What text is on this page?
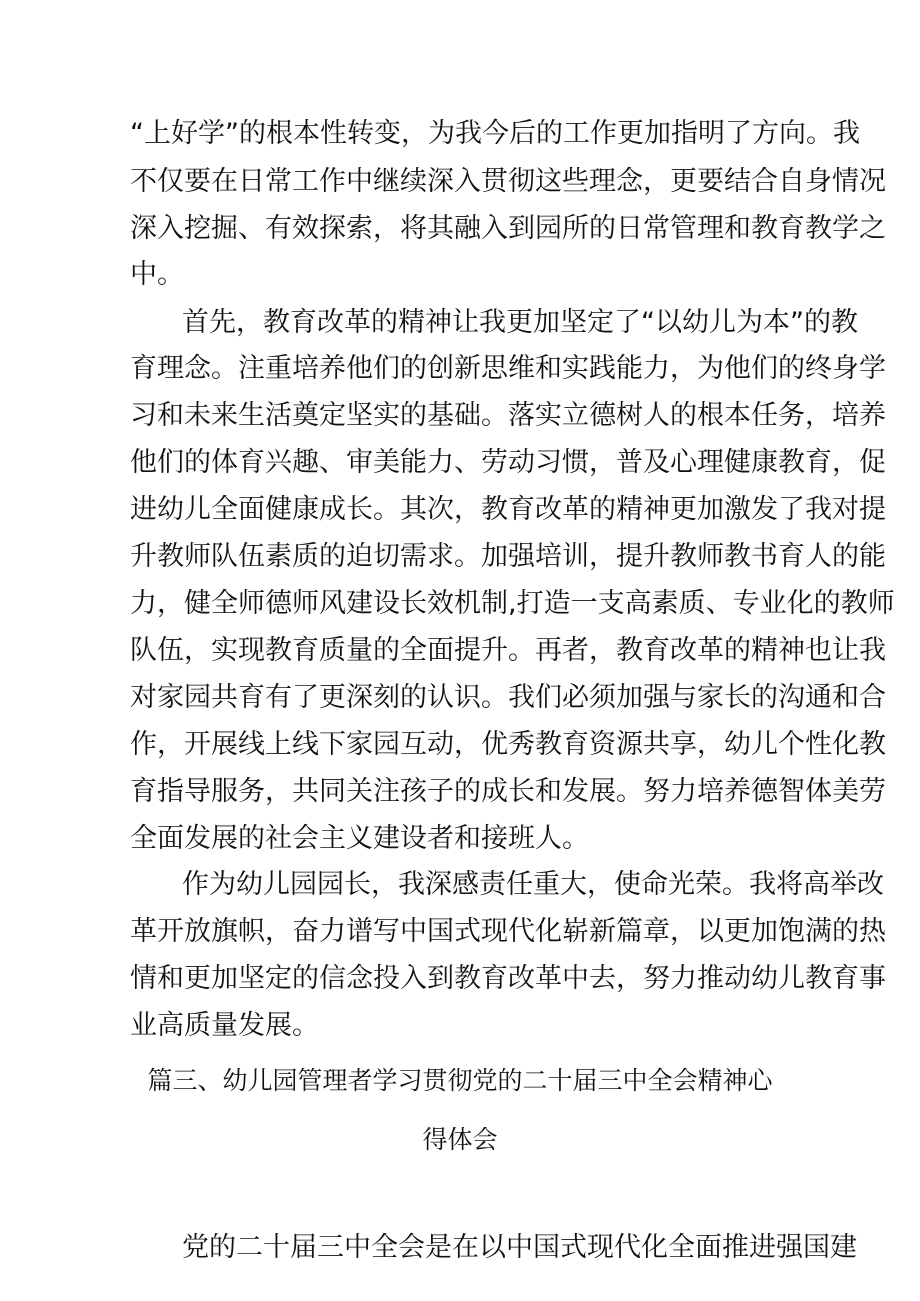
“上好学”的根本性转变，为我今后的工作更加指明了方向。我
不仅要在日常工作中继续深入贯彻这些理念，更要结合自身情况
深入挖掘、有效探索，将其融入到园所的日常管理和教育教学之
中。
首先，教育改革的精神让我更加坚定了“以幼儿为本”的教
育理念。注重培养他们的创新思维和实践能力，为他们的终身学
习和未来生活奠定坚实的基础。落实立德树人的根本任务，培养
他们的体育兴趣、审美能力、劳动习惯，普及心理健康教育，促
进幼儿全面健康成长。其次，教育改革的精神更加激发了我对提
升教师队伍素质的迫切需求。加强培训，提升教师教书育人的能
力，健全师德师风建设长效机制,打造一支高素质、专业化的教师
队伍，实现教育质量的全面提升。再者，教育改革的精神也让我
对家园共育有了更深刻的认识。我们必须加强与家长的沟通和合
作，开展线上线下家园互动，优秀教育资源共享，幼儿个性化教
育指导服务，共同关注孩子的成长和发展。努力培养德智体美劳
全面发展的社会主义建设者和接班人。
作为幼儿园园长，我深感责任重大，使命光荣。我将高举改
革开放旗帜，奋力谱写中国式现代化崭新篇章，以更加饱满的热
情和更加坚定的信念投入到教育改革中去，努力推动幼儿教育事
业高质量发展。
篇三、幼儿园管理者学习贯彻党的二十届三中全会精神心
得体会
党的二十届三中全会是在以中国式现代化全面推进强国建
